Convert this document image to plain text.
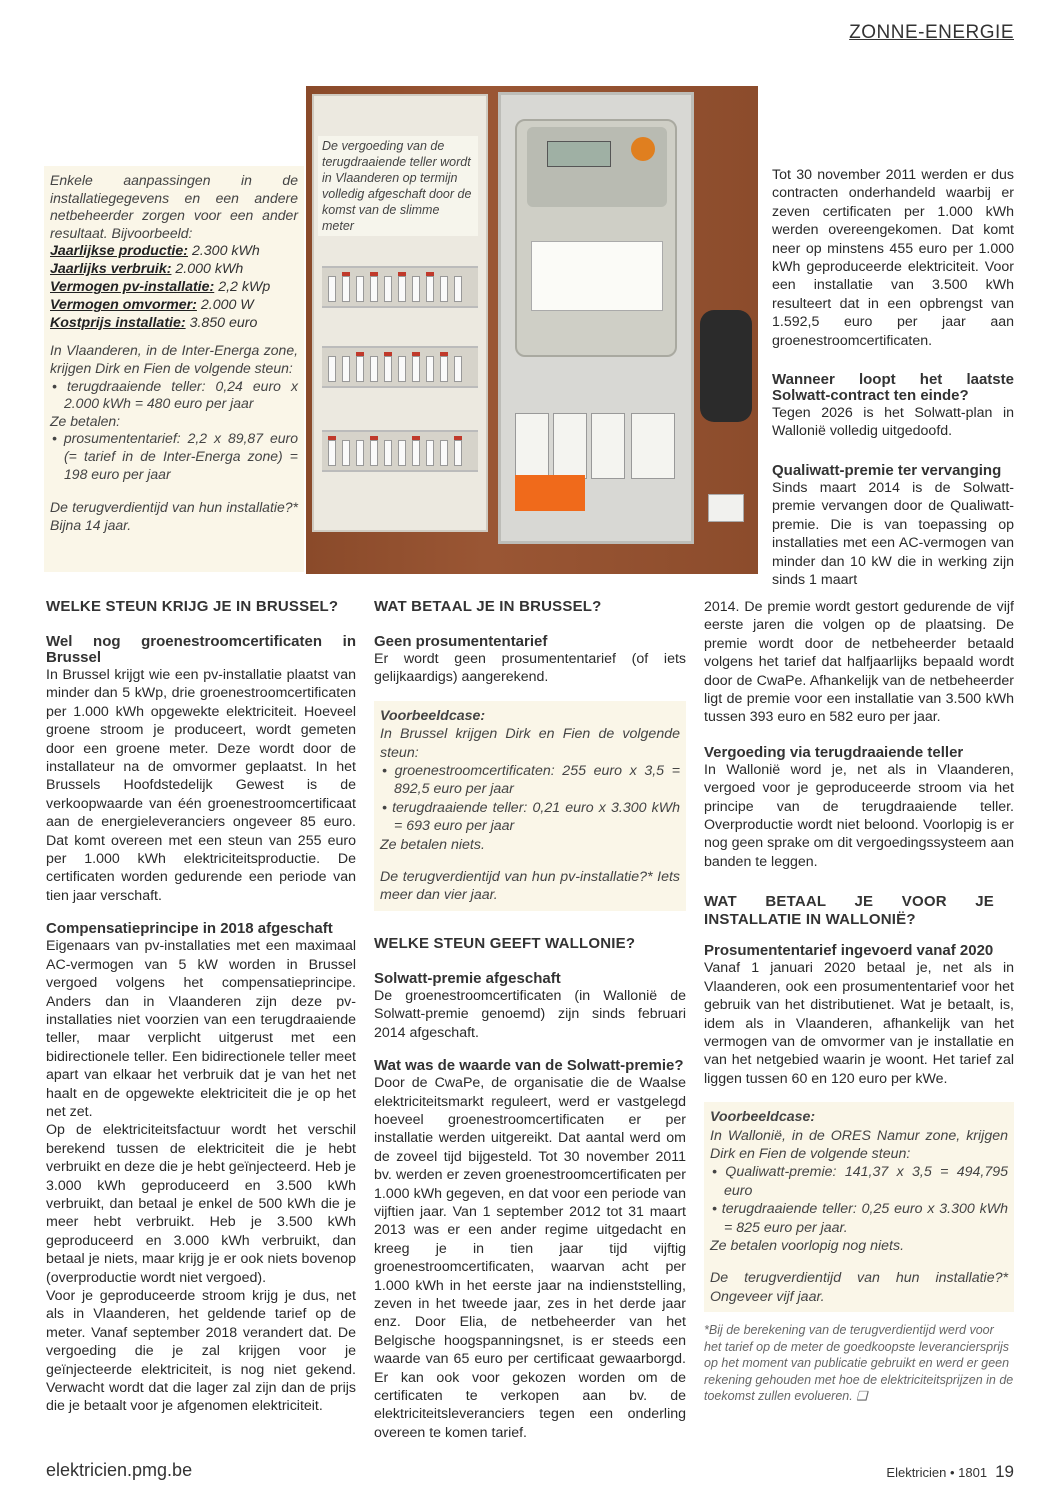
ZONNE-ENERGIE
De vergoeding van de terugdraaiende teller wordt in Vlaanderen op termijn volledig afgeschaft door de komst van de slimme meter

Enkele aanpassingen in de installatiegegevens en een andere netbeheerder zorgen voor een ander resultaat. Bijvoorbeeld:

Jaarlijkse productie: 2.300 kWh
Jaarlijks verbruik: 2.000 kWh
Vermogen pv-installatie: 2,2 kWp
Vermogen omvormer: 2.000 W
Kostprijs installatie: 3.850 euro

In Vlaanderen, in de Inter-Energa zone, krijgen Dirk en Fien de volgende steun:

• terugdraaiende teller: 0,24 euro x 2.000 kWh = 480 euro per jaar

Ze betalen:

• prosumententarief: 2,2 x 89,87 euro (= tarief in de Inter-Energa zone) = 198 euro per jaar

De terugverdientijd van hun installatie?* Bijna 14 jaar.

Tot 30 november 2011 werden er dus contracten onderhandeld waarbij er zeven certificaten per 1.000 kWh werden overeengekomen. Dat komt neer op minstens 455 euro per 1.000 kWh geproduceerde elektriciteit. Voor een installatie van 3.500 kWh resulteert dat in een opbrengst van 1.592,5 euro per jaar aan groenestroomcertificaten.

Wanneer loopt het laatste Solwatt-contract ten einde?

Tegen 2026 is het Solwatt-plan in Wallonië volledig uitgedoofd.

Qualiwatt-premie ter vervanging

Sinds maart 2014 is de Solwatt-premie vervangen door de Qualiwatt-premie. Die is van toepassing op installaties met een AC-vermogen van minder dan 10 kW die in werking zijn sinds 1 maart

WELKE STEUN KRIJG JE IN BRUSSEL?
Wel nog groenestroomcertificaten in Brussel

In Brussel krijgt wie een pv-installatie plaatst van minder dan 5 kWp, drie groenestroomcertificaten per 1.000 kWh opgewekte elektriciteit. Hoeveel groene stroom je produceert, wordt gemeten door een groene meter. Deze wordt door de installateur na de omvormer geplaatst. In het Brussels Hoofdstedelijk Gewest is de verkoopwaarde van één groenestroomcertificaat aan de energieleveranciers ongeveer 85 euro. Dat komt overeen met een steun van 255 euro per 1.000 kWh elektriciteitsproductie. De certificaten worden gedurende een periode van tien jaar verschaft.

Compensatieprincipe in 2018 afgeschaft

Eigenaars van pv-installaties met een maximaal AC-vermogen van 5 kW worden in Brussel vergoed volgens het compensatieprincipe. Anders dan in Vlaanderen zijn deze pv-installaties niet voorzien van een terugdraaiende teller, maar verplicht uitgerust met een bidirectionele teller. Een bidirectionele teller meet apart van elkaar het verbruik dat je van het net haalt en de opgewekte elektriciteit die je op het net zet.

Op de elektriciteitsfactuur wordt het verschil berekend tussen de elektriciteit die je hebt verbruikt en deze die je hebt geïnjecteerd. Heb je 3.000 kWh geproduceerd en 3.500 kWh verbruikt, dan betaal je enkel de 500 kWh die je meer hebt verbruikt. Heb je 3.500 kWh geproduceerd en 3.000 kWh verbruikt, dan betaal je niets, maar krijg je er ook niets bovenop (overproductie wordt niet vergoed).

Voor je geproduceerde stroom krijg je dus, net als in Vlaanderen, het geldende tarief op de meter. Vanaf september 2018 verandert dat. De vergoeding die je zal krijgen voor je geïnjecteerde elektriciteit, is nog niet gekend. Verwacht wordt dat die lager zal zijn dan de prijs die je betaalt voor je afgenomen elektriciteit.

WAT BETAAL JE IN BRUSSEL?
Geen prosumententarief

Er wordt geen prosumententarief (of iets gelijkaardigs) aangerekend.

Voorbeeldcase:

In Brussel krijgen Dirk en Fien de volgende steun:

• groenestroomcertificaten: 255 euro x 3,5 = 892,5 euro per jaar

• terugdraaiende teller: 0,21 euro x 3.300 kWh = 693 euro per jaar

Ze betalen niets.

De terugverdientijd van hun pv-installatie?* Iets meer dan vier jaar.

WELKE STEUN GEEFT WALLONIE?
Solwatt-premie afgeschaft

De groenestroomcertificaten (in Wallonië de Solwatt-premie genoemd) zijn sinds februari 2014 afgeschaft.

Wat was de waarde van de Solwatt-premie?

Door de CwaPe, de organisatie die de Waalse elektriciteitsmarkt reguleert, werd er vastgelegd hoeveel groenestroomcertificaten er per installatie werden uitgereikt. Dat aantal werd om de zoveel tijd bijgesteld. Tot 30 november 2011 bv. werden er zeven groenestroomcertificaten per 1.000 kWh gegeven, en dat voor een periode van vijftien jaar. Van 1 september 2012 tot 31 maart 2013 was er een ander regime uitgedacht en kreeg je in tien jaar tijd vijftig groenestroomcertificaten, waarvan acht per 1.000 kWh in het eerste jaar na indienststelling, zeven in het tweede jaar, zes in het derde jaar enz. Door Elia, de netbeheerder van het Belgische hoogspanningsnet, is er steeds een waarde van 65 euro per certificaat gewaarborgd. Er kan ook voor gekozen worden om de certificaten te verkopen aan bv. de elektriciteitsleveranciers tegen een onderling overeen te komen tarief.

2014. De premie wordt gestort gedurende de vijf eerste jaren die volgen op de plaatsing. De premie wordt door de netbeheerder betaald volgens het tarief dat halfjaarlijks bepaald wordt door de CwaPe. Afhankelijk van de netbeheerder ligt de premie voor een installatie van 3.500 kWh tussen 393 euro en 582 euro per jaar.

Vergoeding via terugdraaiende teller

In Wallonië word je, net als in Vlaanderen, vergoed voor je geproduceerde stroom via het principe van de terugdraaiende teller. Overproductie wordt niet beloond. Voorlopig is er nog geen sprake om dit vergoedingssysteem aan banden te leggen.

WAT BETAAL JE VOOR JE INSTALLATIE IN WALLONIË?
Prosumententarief ingevoerd vanaf 2020

Vanaf 1 januari 2020 betaal je, net als in Vlaanderen, ook een prosumententarief voor het gebruik van het distributienet. Wat je betaalt, is, idem als in Vlaanderen, afhankelijk van het vermogen van de omvormer van je installatie en van het netgebied waarin je woont. Het tarief zal liggen tussen 60 en 120 euro per kWe.

Voorbeeldcase:

In Wallonië, in de ORES Namur zone, krijgen Dirk en Fien de volgende steun:

• Qualiwatt-premie: 141,37 x 3,5 = 494,795 euro

• terugdraaiende teller: 0,25 euro x 3.300 kWh = 825 euro per jaar.

Ze betalen voorlopig nog niets.

De terugverdientijd van hun installatie?* Ongeveer vijf jaar.

*Bij de berekening van de terugverdientijd werd voor het tarief op de meter de goedkoopste leveranciersprijs op het moment van publicatie gebruikt en werd er geen rekening gehouden met hoe de elektriciteitsprijzen in de toekomst zullen evolueren. ❑

elektricien.pmg.be	Elektricien • 1801 19
